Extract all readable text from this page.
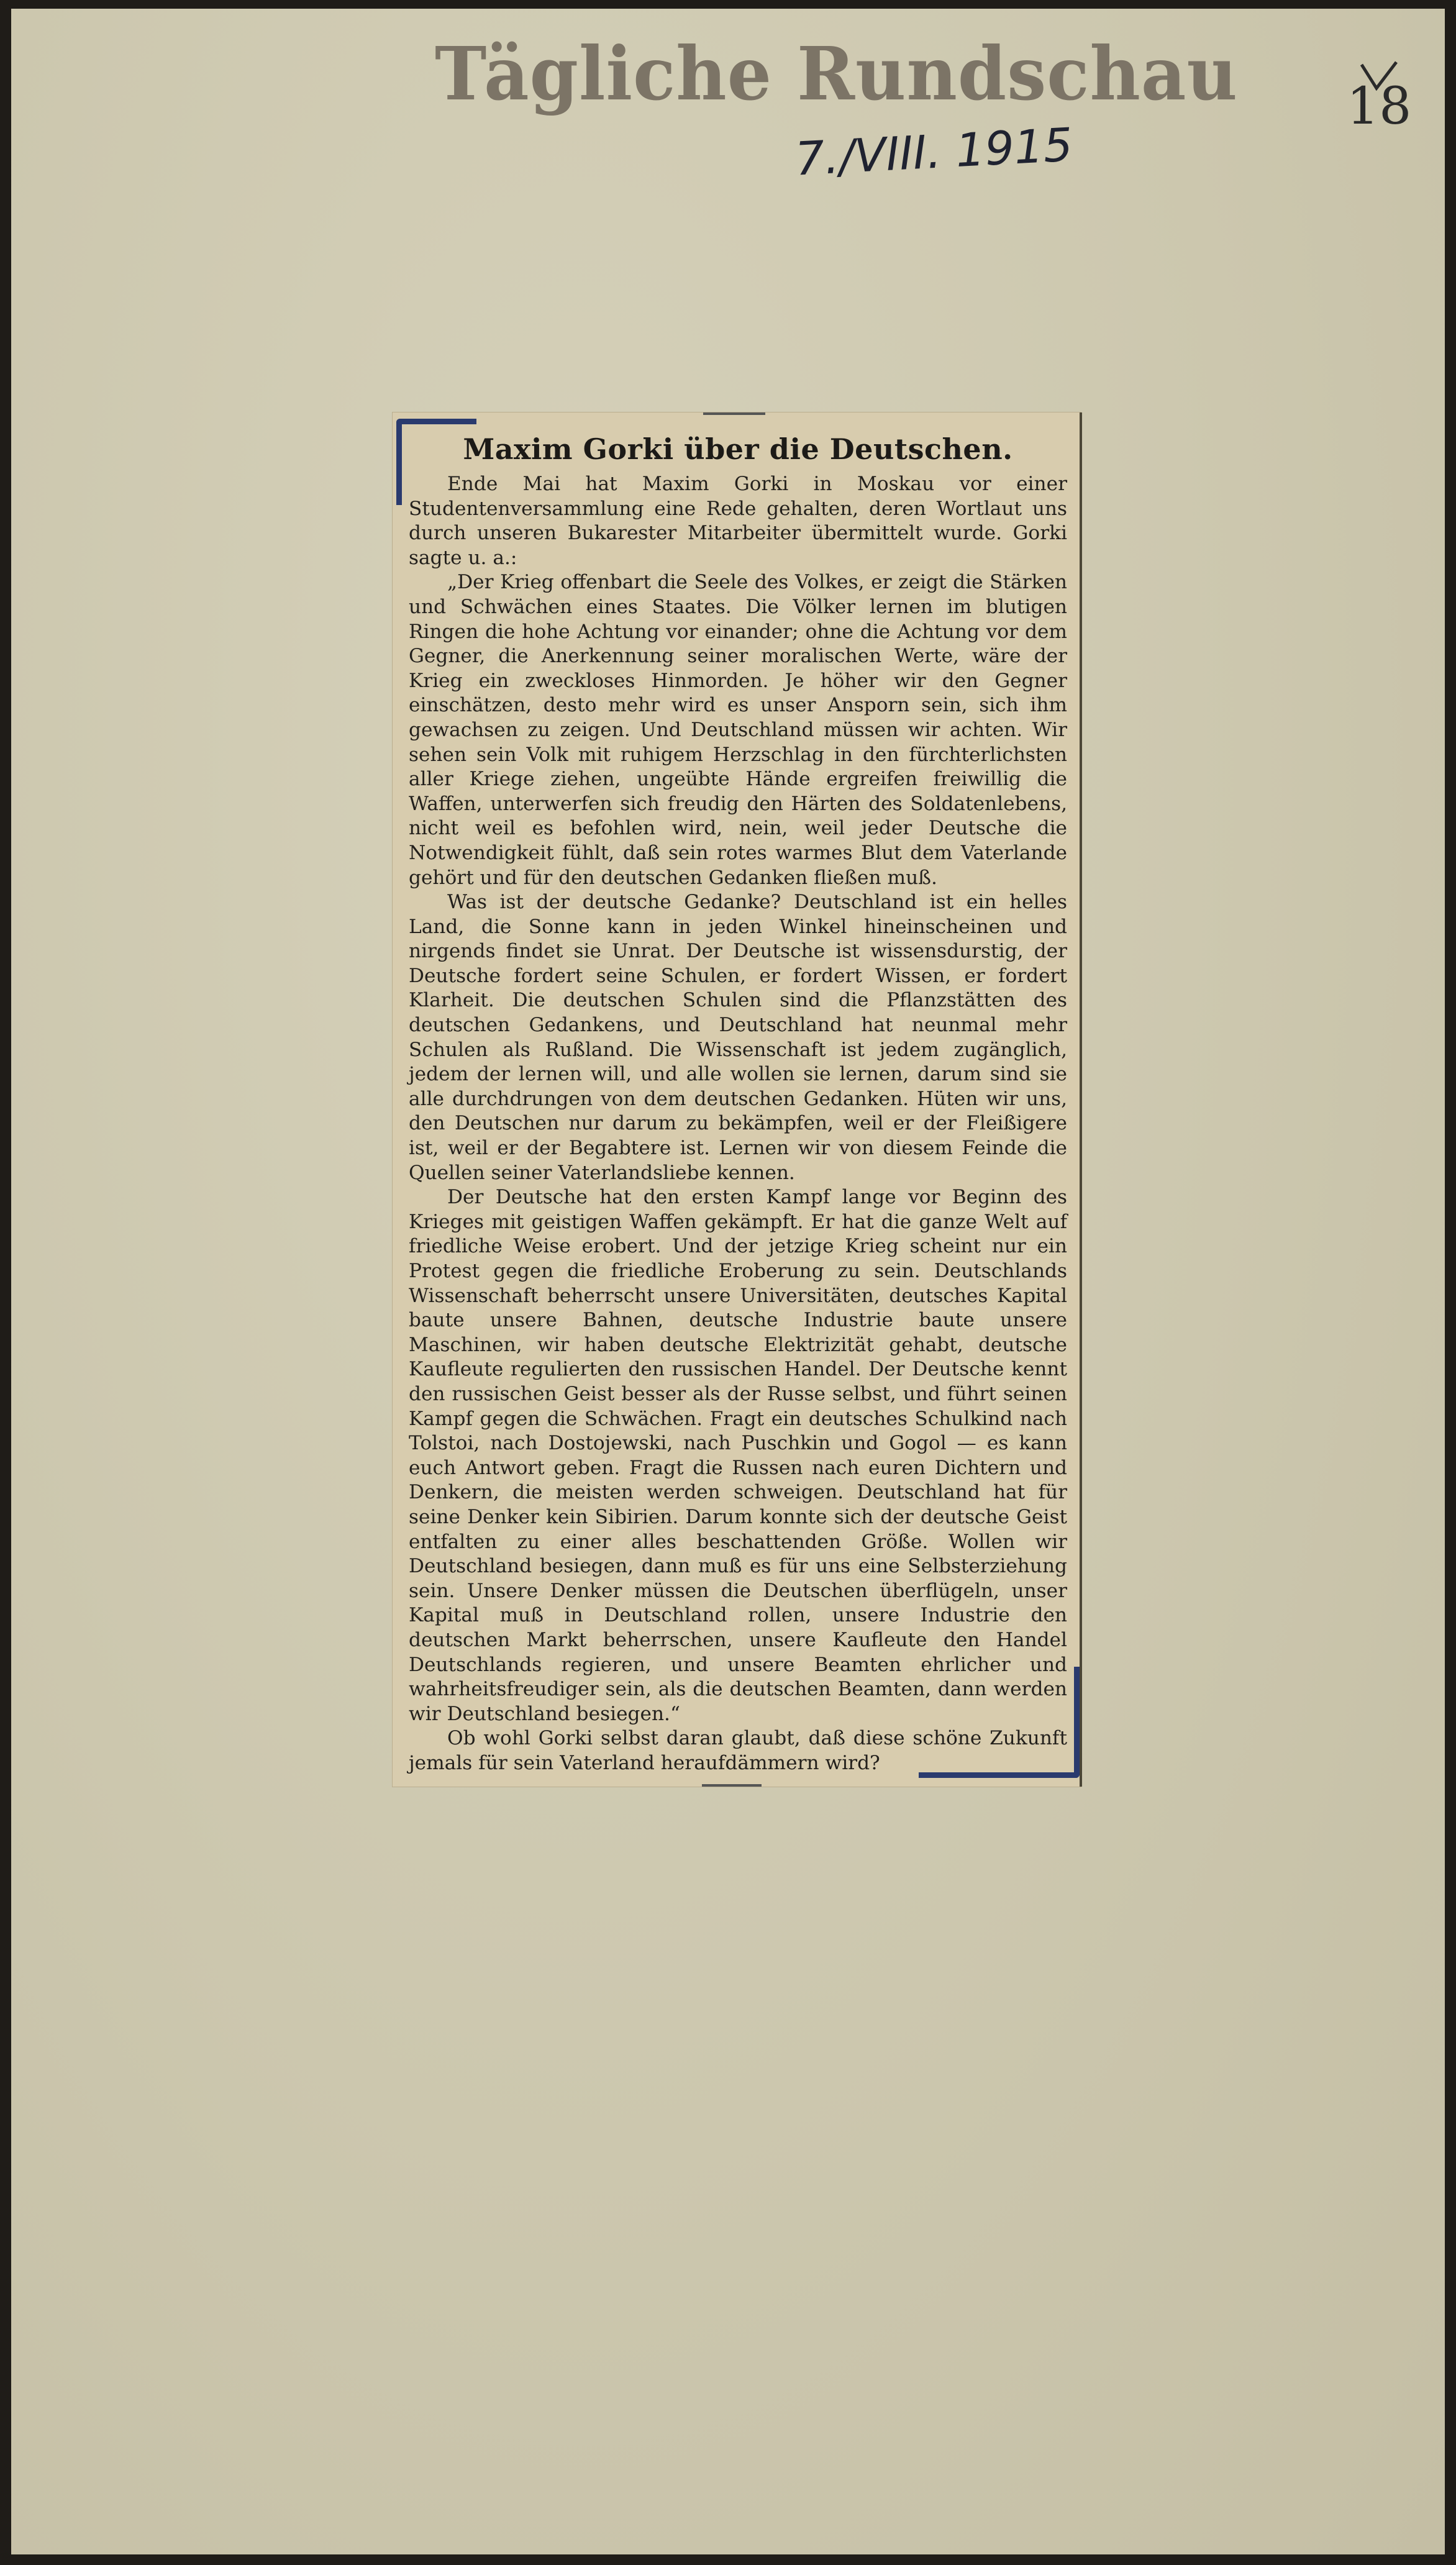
Tägliche Rundschau
7./VIII. 1915
18
Maxim Gorki über die Deutschen.

Ende Mai hat Maxim Gorki in Moskau vor einer Studentenversammlung eine Rede gehalten, deren Wortlaut uns durch unseren Bukarester Mitarbeiter übermittelt wurde. Gorki sagte u. a.:

„Der Krieg offenbart die Seele des Volkes, er zeigt die Stärken und Schwächen eines Staates. Die Völker lernen im blutigen Ringen die hohe Achtung vor einander; ohne die Achtung vor dem Gegner, die Anerkennung seiner moralischen Werte, wäre der Krieg ein zweckloses Hinmorden. Je höher wir den Gegner einschätzen, desto mehr wird es unser Ansporn sein, sich ihm gewachsen zu zeigen. Und Deutschland müssen wir achten. Wir sehen sein Volk mit ruhigem Herzschlag in den fürchterlichsten aller Kriege ziehen, ungeübte Hände ergreifen freiwillig die Waffen, unterwerfen sich freudig den Härten des Soldatenlebens, nicht weil es befohlen wird, nein, weil jeder Deutsche die Notwendigkeit fühlt, daß sein rotes warmes Blut dem Vaterlande gehört und für den deutschen Gedanken fließen muß.

Was ist der deutsche Gedanke? Deutschland ist ein helles Land, die Sonne kann in jeden Winkel hineinscheinen und nirgends findet sie Unrat. Der Deutsche ist wissensdurstig, der Deutsche fordert seine Schulen, er fordert Wissen, er fordert Klarheit. Die deutschen Schulen sind die Pflanzstätten des deutschen Gedankens, und Deutschland hat neunmal mehr Schulen als Rußland. Die Wissenschaft ist jedem zugänglich, jedem der lernen will, und alle wollen sie lernen, darum sind sie alle durchdrungen von dem deutschen Gedanken. Hüten wir uns, den Deutschen nur darum zu bekämpfen, weil er der Fleißigere ist, weil er der Begabtere ist. Lernen wir von diesem Feinde die Quellen seiner Vaterlandsliebe kennen.

Der Deutsche hat den ersten Kampf lange vor Beginn des Krieges mit geistigen Waffen gekämpft. Er hat die ganze Welt auf friedliche Weise erobert. Und der jetzige Krieg scheint nur ein Protest gegen die friedliche Eroberung zu sein. Deutschlands Wissenschaft beherrscht unsere Universitäten, deutsches Kapital baute unsere Bahnen, deutsche Industrie baute unsere Maschinen, wir haben deutsche Elektrizität gehabt, deutsche Kaufleute regulierten den russischen Handel. Der Deutsche kennt den russischen Geist besser als der Russe selbst, und führt seinen Kampf gegen die Schwächen. Fragt ein deutsches Schulkind nach Tolstoi, nach Dostojewski, nach Puschkin und Gogol — es kann euch Antwort geben. Fragt die Russen nach euren Dichtern und Denkern, die meisten werden schweigen. Deutschland hat für seine Denker kein Sibirien. Darum konnte sich der deutsche Geist entfalten zu einer alles beschattenden Größe. Wollen wir Deutschland besiegen, dann muß es für uns eine Selbsterziehung sein. Unsere Denker müssen die Deutschen überflügeln, unser Kapital muß in Deutschland rollen, unsere Industrie den deutschen Markt beherrschen, unsere Kaufleute den Handel Deutschlands regieren, und unsere Beamten ehrlicher und wahrheitsfreudiger sein, als die deutschen Beamten, dann werden wir Deutschland besiegen.“

Ob wohl Gorki selbst daran glaubt, daß diese schöne Zukunft jemals für sein Vaterland heraufdämmern wird?
